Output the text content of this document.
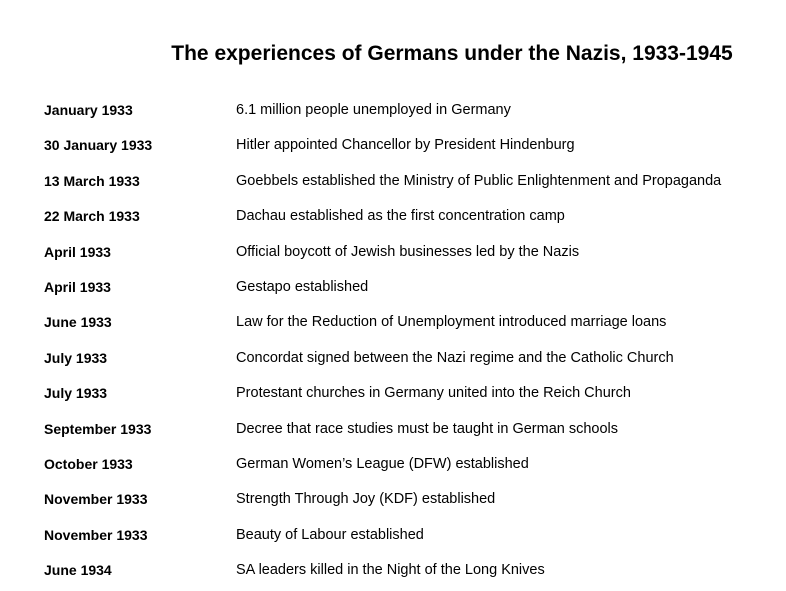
The experiences of Germans under the Nazis, 1933-1945
January 1933	6.1 million people unemployed in Germany
30 January 1933	Hitler appointed Chancellor by President Hindenburg
13 March 1933	Goebbels established the Ministry of Public Enlightenment and Propaganda
22 March 1933	Dachau established as the first concentration camp
April 1933	Official boycott of Jewish businesses led by the Nazis
April 1933	Gestapo established
June 1933	Law for the Reduction of Unemployment introduced marriage loans
July 1933	Concordat signed between the Nazi regime and the Catholic Church
July 1933	Protestant churches in Germany united into the Reich Church
September 1933	Decree that race studies must be taught in German schools
October 1933	German Women’s League (DFW) established
November 1933	Strength Through Joy (KDF) established
November 1933	Beauty of Labour established
June 1934	SA leaders killed in the Night of the Long Knives
